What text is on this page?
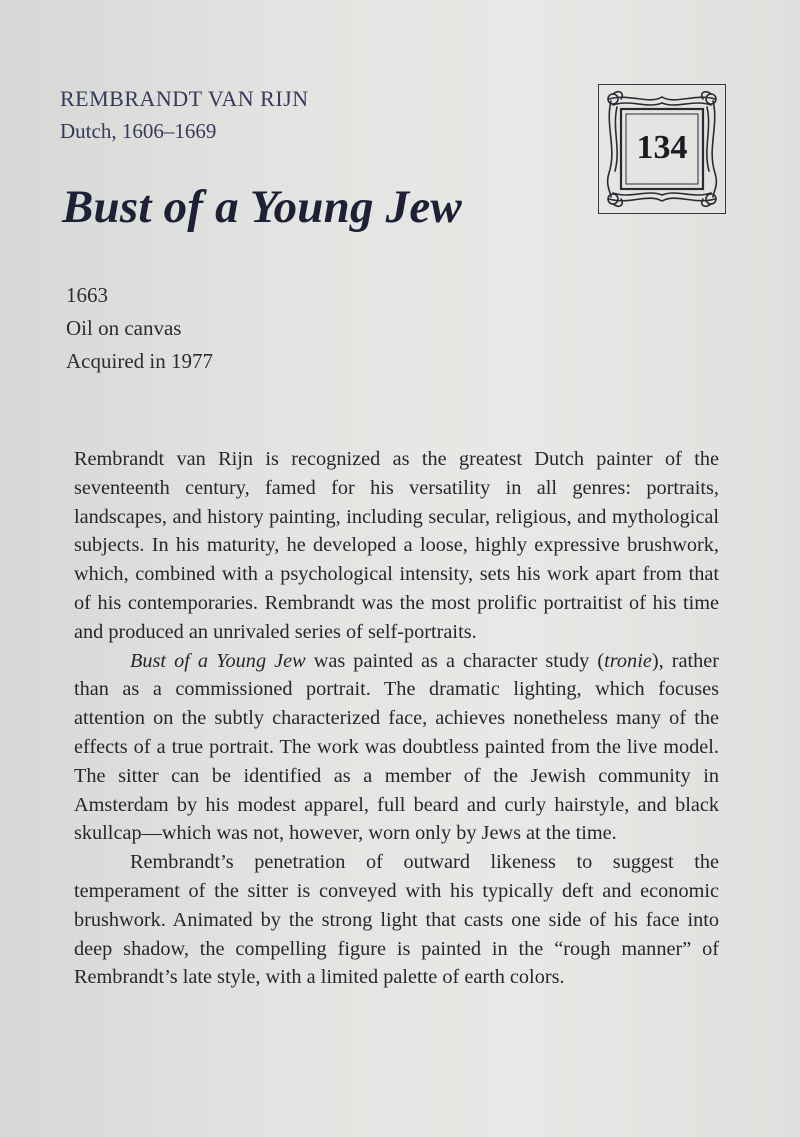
REMBRANDT VAN RIJN
Dutch, 1606–1669
Bust of a Young Jew
1663
Oil on canvas
Acquired in 1977
134

Rembrandt van Rijn is recognized as the greatest Dutch painter of the seventeenth century, famed for his versatility in all genres: portraits, landscapes, and history painting, including secular, religious, and mythological subjects. In his maturity, he developed a loose, highly expressive brushwork, which, combined with a psychological intensity, sets his work apart from that of his contemporaries. Rembrandt was the most prolific portraitist of his time and produced an unrivaled series of self-portraits.

Bust of a Young Jew was painted as a character study (tronie), rather than as a commissioned portrait. The dramatic lighting, which focuses attention on the subtly characterized face, achieves nonetheless many of the effects of a true portrait. The work was doubtless painted from the live model. The sitter can be identified as a member of the Jewish community in Amsterdam by his modest apparel, full beard and curly hairstyle, and black skullcap—which was not, however, worn only by Jews at the time.

Rembrandt’s penetration of outward likeness to suggest the temperament of the sitter is conveyed with his typically deft and economic brushwork. Animated by the strong light that casts one side of his face into deep shadow, the compelling figure is painted in the “rough manner” of Rembrandt’s late style, with a limited palette of earth colors.
